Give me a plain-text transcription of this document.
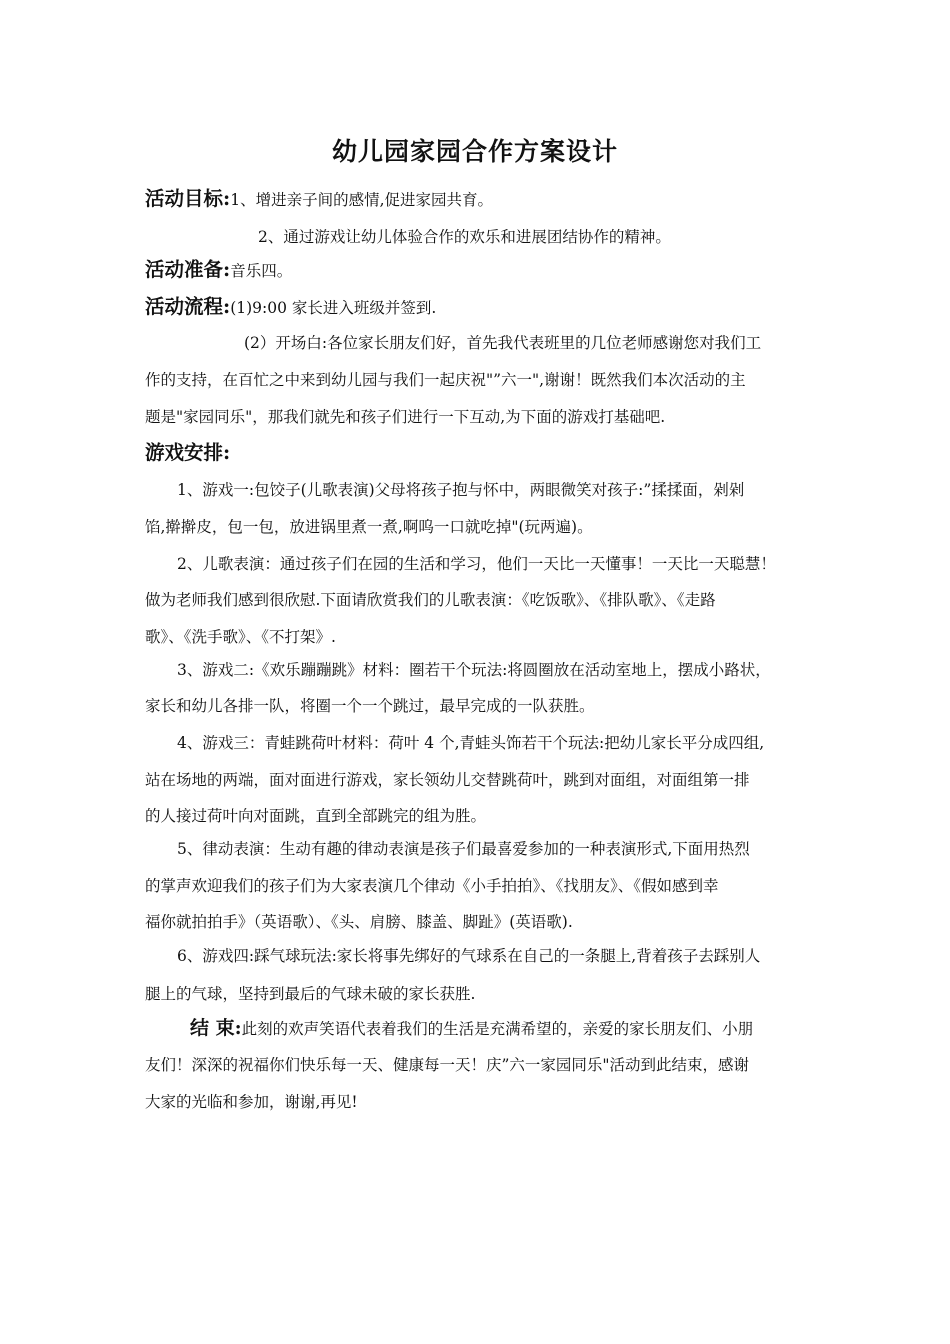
幼儿园家园合作方案设计
活动目标:1、增进亲子间的感情,促进家园共育。
2、通过游戏让幼儿体验合作的欢乐和进展团结协作的精神。
活动准备:音乐四。
活动流程:(1)9:00 家长进入班级并签到.
(2）开场白:各位家长朋友们好，首先我代表班里的几位老师感谢您对我们工
作的支持，在百忙之中来到幼儿园与我们一起庆祝"”六一",谢谢！既然我们本次活动的主
题是"家园同乐"，那我们就先和孩子们进行一下互动,为下面的游戏打基础吧.
游戏安排:
1、游戏一:包饺子(儿歌表演)父母将孩子抱与怀中，两眼微笑对孩子:”揉揉面，剁剁
馅,擀擀皮，包一包，放进锅里煮一煮,啊呜一口就吃掉"(玩两遍)。
2、儿歌表演：通过孩子们在园的生活和学习，他们一天比一天懂事！一天比一天聪慧！
做为老师我们感到很欣慰.下面请欣赏我们的儿歌表演：《吃饭歌》、《排队歌》、《走路
歌》、《洗手歌》、《不打架》.
3、游戏二:《欢乐蹦蹦跳》材料：圈若干个玩法:将圆圈放在活动室地上，摆成小路状，
家长和幼儿各排一队，将圈一个一个跳过，最早完成的一队获胜。
4、游戏三：青蛙跳荷叶材料：荷叶 4 个,青蛙头饰若干个玩法:把幼儿家长平分成四组,
站在场地的两端，面对面进行游戏，家长领幼儿交替跳荷叶，跳到对面组，对面组第一排
的人接过荷叶向对面跳，直到全部跳完的组为胜。
5、律动表演：生动有趣的律动表演是孩子们最喜爱参加的一种表演形式,下面用热烈
的掌声欢迎我们的孩子们为大家表演几个律动《小手拍拍》、《找朋友》、《假如感到幸
福你就拍拍手》（英语歌）、《头、肩膀、膝盖、脚趾》(英语歌).
6、游戏四:踩气球玩法:家长将事先绑好的气球系在自己的一条腿上,背着孩子去踩别人
腿上的气球，坚持到最后的气球未破的家长获胜.
结 束:此刻的欢声笑语代表着我们的生活是充满希望的，亲爱的家长朋友们、小朋
友们！深深的祝福你们快乐每一天、健康每一天！庆”六一家园同乐"活动到此结束，感谢
大家的光临和参加，谢谢,再见!
